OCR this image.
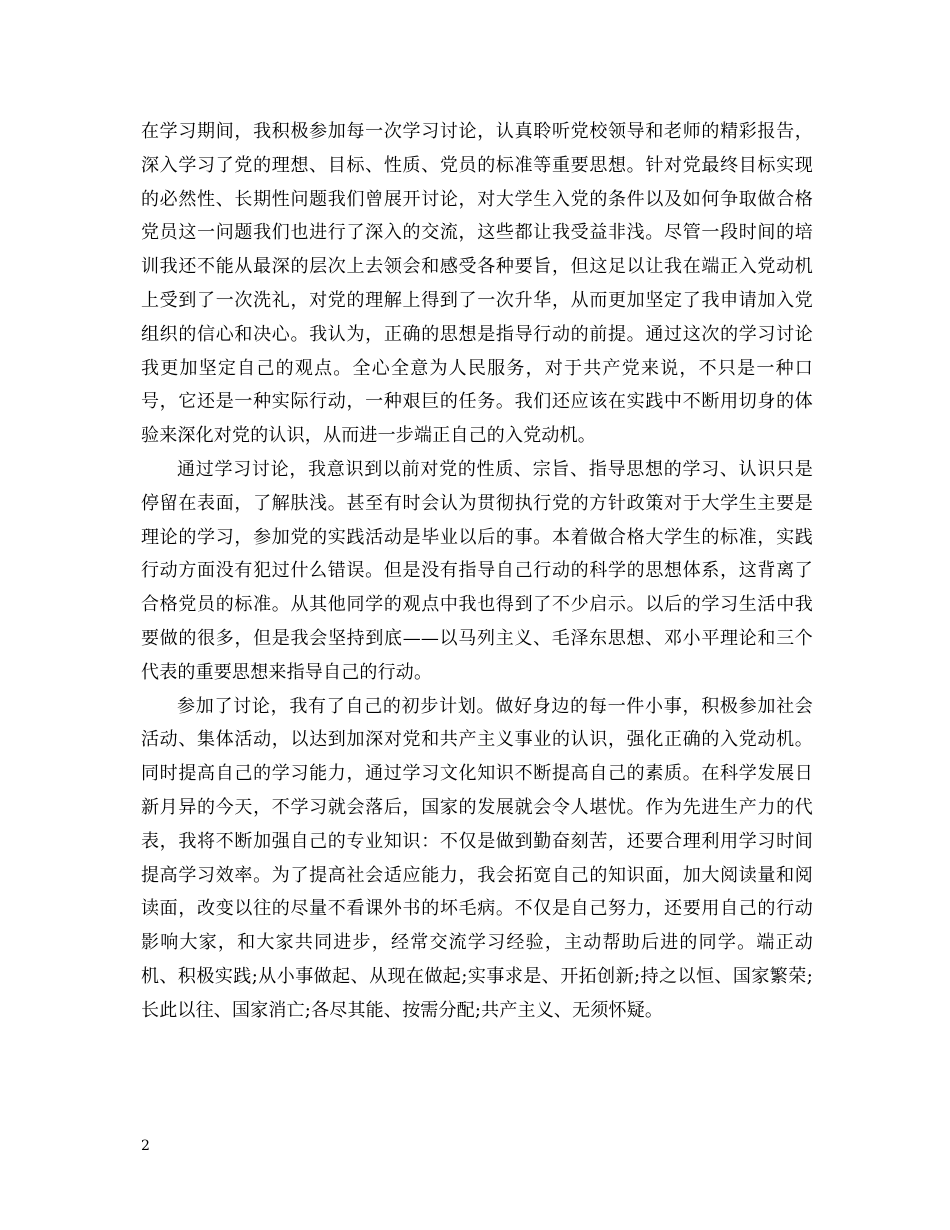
在学习期间，我积极参加每一次学习讨论，认真聆听党校领导和老师的精彩报告，深入学习了党的理想、目标、性质、党员的标准等重要思想。针对党最终目标实现的必然性、长期性问题我们曾展开讨论，对大学生入党的条件以及如何争取做合格党员这一问题我们也进行了深入的交流，这些都让我受益非浅。尽管一段时间的培训我还不能从最深的层次上去领会和感受各种要旨，但这足以让我在端正入党动机上受到了一次洗礼，对党的理解上得到了一次升华，从而更加坚定了我申请加入党组织的信心和决心。我认为，正确的思想是指导行动的前提。通过这次的学习讨论我更加坚定自己的观点。全心全意为人民服务，对于共产党来说，不只是一种口号，它还是一种实际行动，一种艰巨的任务。我们还应该在实践中不断用切身的体验来深化对党的认识，从而进一步端正自己的入党动机。

通过学习讨论，我意识到以前对党的性质、宗旨、指导思想的学习、认识只是停留在表面，了解肤浅。甚至有时会认为贯彻执行党的方针政策对于大学生主要是理论的学习，参加党的实践活动是毕业以后的事。本着做合格大学生的标准，实践行动方面没有犯过什么错误。但是没有指导自己行动的科学的思想体系，这背离了合格党员的标准。从其他同学的观点中我也得到了不少启示。以后的学习生活中我要做的很多，但是我会坚持到底——以马列主义、毛泽东思想、邓小平理论和三个代表的重要思想来指导自己的行动。

参加了讨论，我有了自己的初步计划。做好身边的每一件小事，积极参加社会活动、集体活动，以达到加深对党和共产主义事业的认识，强化正确的入党动机。同时提高自己的学习能力，通过学习文化知识不断提高自己的素质。在科学发展日新月异的今天，不学习就会落后，国家的发展就会令人堪忧。作为先进生产力的代表，我将不断加强自己的专业知识：不仅是做到勤奋刻苦，还要合理利用学习时间提高学习效率。为了提高社会适应能力，我会拓宽自己的知识面，加大阅读量和阅读面，改变以往的尽量不看课外书的坏毛病。不仅是自己努力，还要用自己的行动影响大家，和大家共同进步，经常交流学习经验，主动帮助后进的同学。端正动机、积极实践;从小事做起、从现在做起;实事求是、开拓创新;持之以恒、国家繁荣;长此以往、国家消亡;各尽其能、按需分配;共产主义、无须怀疑。

2
